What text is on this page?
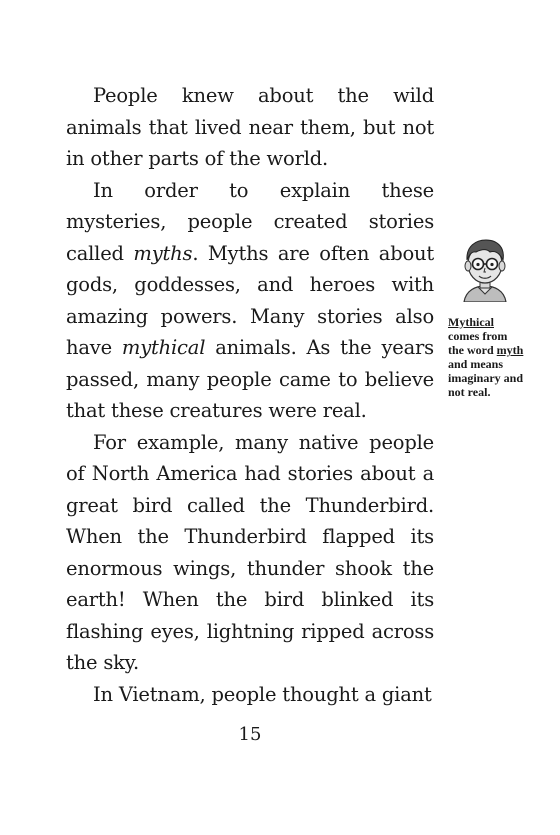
People knew about the wild animals that lived near them, but not in other parts of the world.

In order to explain these mysteries, people created stories called myths. Myths are often about gods, goddesses, and heroes with amazing powers. Many stories also have mythical animals. As the years passed, many people came to believe that these creatures were real.

For example, many native people of North America had stories about a great bird called the Thunderbird. When the Thunderbird flapped its enormous wings, thunder shook the earth! When the bird blinked its flashing eyes, lightning ripped across the sky.

In Vietnam, people thought a giant

Mythical
comes from
the word myth
and means
imaginary and
not real.
15
